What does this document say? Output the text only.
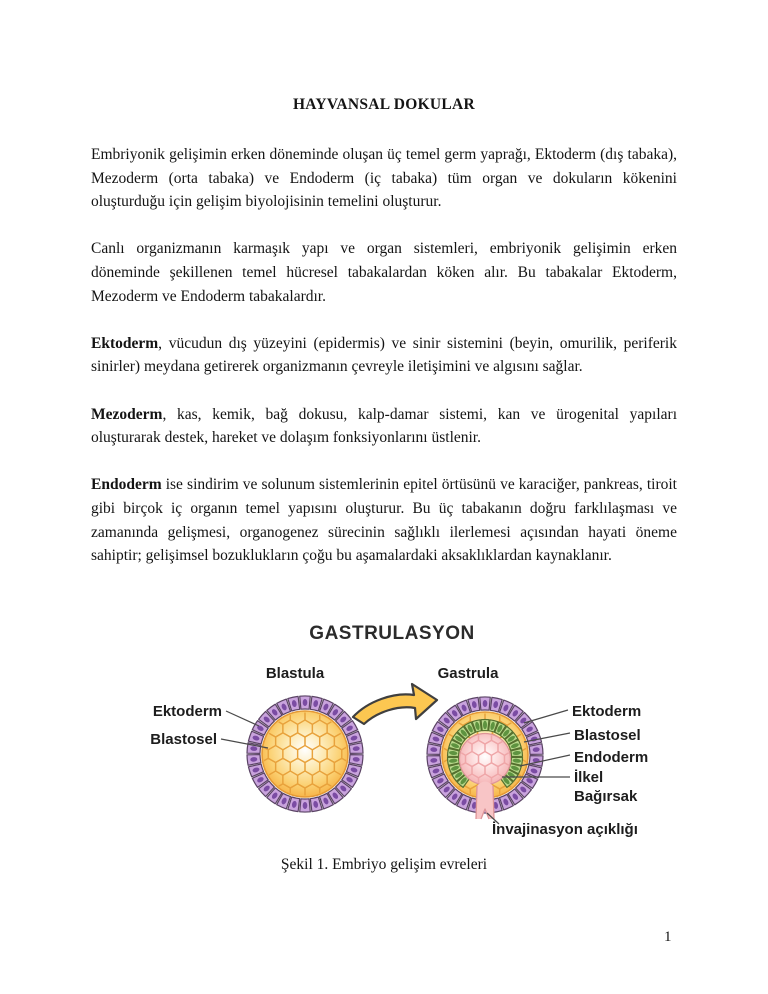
HAYVANSAL DOKULAR

Embriyonik gelişimin erken döneminde oluşan üç temel germ yaprağı, Ektoderm (dış tabaka), Mezoderm (orta tabaka) ve Endoderm (iç tabaka) tüm organ ve dokuların kökenini oluşturduğu için gelişim biyolojisinin temelini oluşturur.

Canlı organizmanın karmaşık yapı ve organ sistemleri, embriyonik gelişimin erken döneminde şekillenen temel hücresel tabakalardan köken alır. Bu tabakalar Ektoderm, Mezoderm ve Endoderm tabakalardır.

Ektoderm, vücudun dış yüzeyini (epidermis) ve sinir sistemini (beyin, omurilik, periferik sinirler) meydana getirerek organizmanın çevreyle iletişimini ve algısını sağlar.

Mezoderm, kas, kemik, bağ dokusu, kalp-damar sistemi, kan ve ürogenital yapıları oluşturarak destek, hareket ve dolaşım fonksiyonlarını üstlenir.

Endoderm ise sindirim ve solunum sistemlerinin epitel örtüsünü ve karaciğer, pankreas, tiroit gibi birçok iç organın temel yapısını oluşturur. Bu üç tabakanın doğru farklılaşması ve zamanında gelişmesi, organogenez sürecinin sağlıklı ilerlemesi açısından hayati öneme sahiptir; gelişimsel bozuklukların çoğu bu aşamalardaki aksaklıklardan kaynaklanır.

GASTRULASYON
Blastula	Gastrula
Ektoderm
Blastosel
Ektoderm
Blastosel
Endoderm
İlkel Bağırsak
İnvajinasyon açıklığı
Şekil 1. Embriyo gelişim evreleri
1
